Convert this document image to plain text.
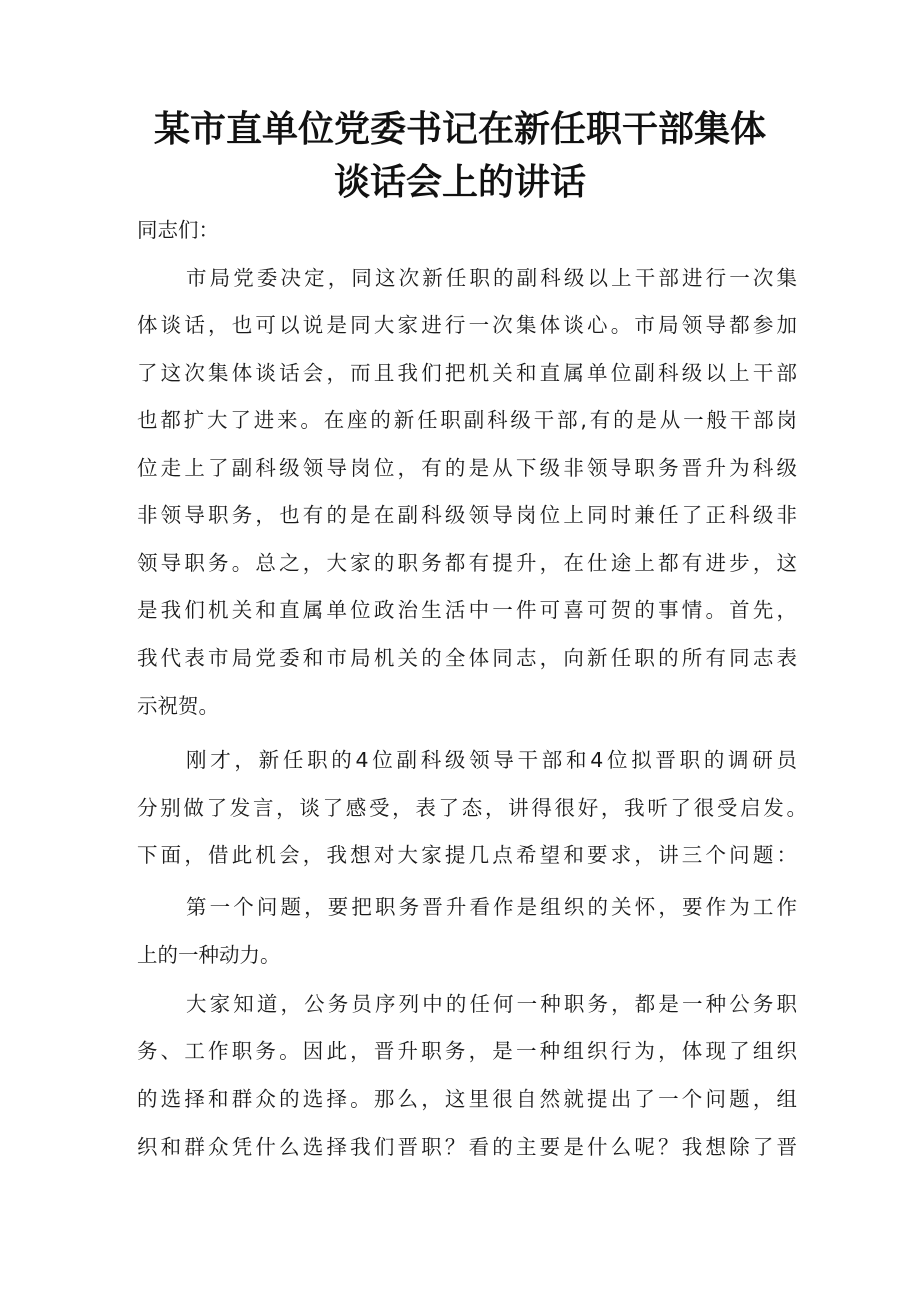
某市直单位党委书记在新任职干部集体
谈话会上的讲话
同志们：
市局党委决定，同这次新任职的副科级以上干部进行一次集
体谈话，也可以说是同大家进行一次集体谈心。市局领导都参加
了这次集体谈话会，而且我们把机关和直属单位副科级以上干部
也都扩大了进来。在座的新任职副科级干部,有的是从一般干部岗
位走上了副科级领导岗位，有的是从下级非领导职务晋升为科级
非领导职务，也有的是在副科级领导岗位上同时兼任了正科级非
领导职务。总之，大家的职务都有提升，在仕途上都有进步，这
是我们机关和直属单位政治生活中一件可喜可贺的事情。首先，
我代表市局党委和市局机关的全体同志，向新任职的所有同志表
示祝贺。
刚才，新任职的4位副科级领导干部和4位拟晋职的调研员
分别做了发言，谈了感受，表了态，讲得很好，我听了很受启发。
下面，借此机会，我想对大家提几点希望和要求，讲三个问题：
第一个问题，要把职务晋升看作是组织的关怀，要作为工作
上的一种动力。
大家知道，公务员序列中的任何一种职务，都是一种公务职
务、工作职务。因此，晋升职务，是一种组织行为，体现了组织
的选择和群众的选择。那么，这里很自然就提出了一个问题，组
织和群众凭什么选择我们晋职？看的主要是什么呢？我想除了晋
